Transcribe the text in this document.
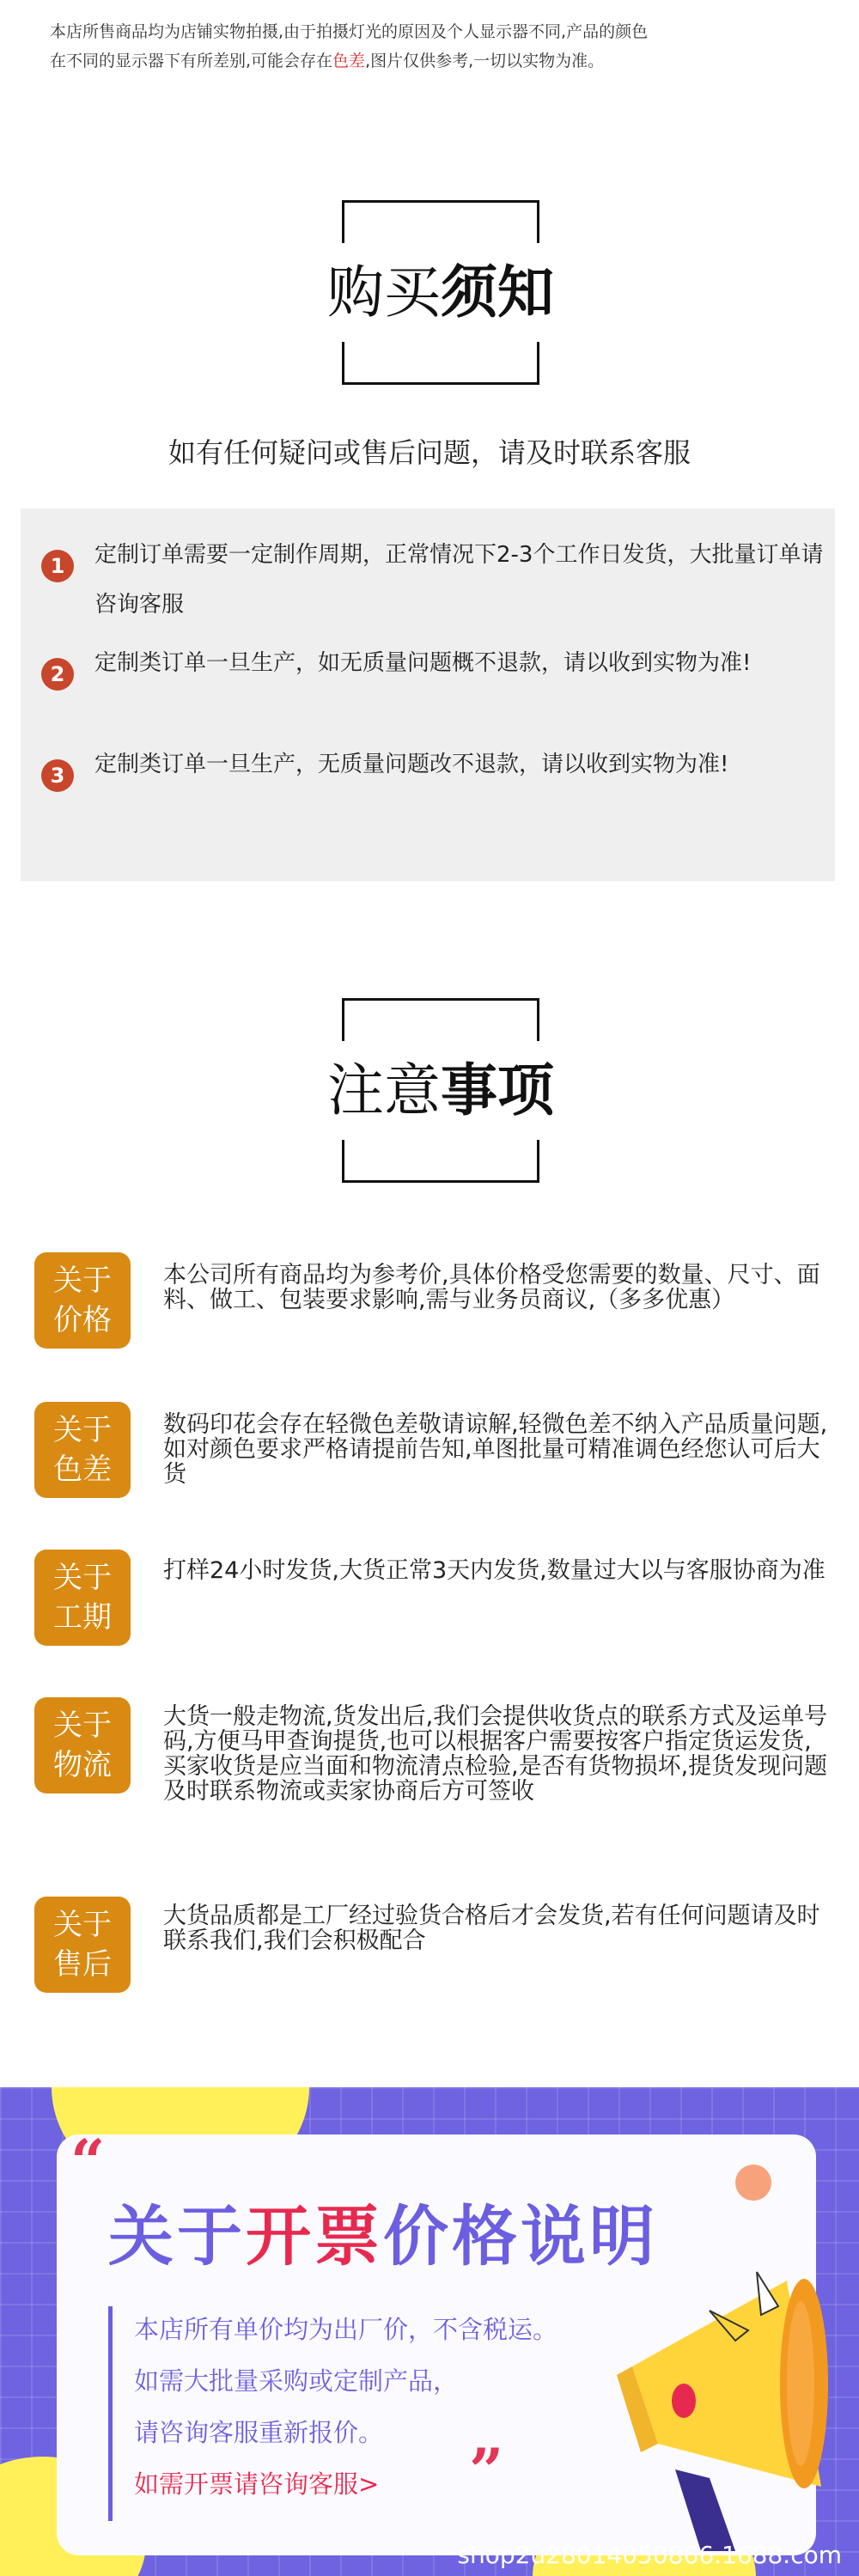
本店所售商品均为店铺实物拍摄,由于拍摄灯光的原因及个人显示器不同,产品的颜色
在不同的显示器下有所差别,可能会存在色差,图片仅供参考,一切以实物为准。
购买须知
如有任何疑问或售后问题，请及时联系客服
1	定制订单需要一定制作周期，正常情况下2-3个工作日发货，大批量订单请咨询客服
2	定制类订单一旦生产，如无质量问题概不退款，请以收到实物为准!
3	定制类订单一旦生产，无质量问题改不退款，请以收到实物为准!
注意事项
关于
价格
本公司所有商品均为参考价,具体价格受您需要的数量、尺寸、面料、做工、包装要求影响,需与业务员商议,（多多优惠）
关于
色差
数码印花会存在轻微色差敬请谅解,轻微色差不纳入产品质量问题,如对颜色要求严格请提前告知,单图批量可精准调色经您认可后大货
关于
工期
打样24小时发货,大货正常3天内发货,数量过大以与客服协商为准
关于
物流
大货一般走物流,货发出后,我们会提供收货点的联系方式及运单号码,方便马甲查询提货,也可以根据客户需要按客户指定货运发货,买家收货是应当面和物流清点检验,是否有货物损坏,提货发现问题及时联系物流或卖家协商后方可签收
关于
售后
大货品质都是工厂经过验货合格后才会发货,若有任何问题请及时联系我们,我们会积极配合
“
关于开票价格说明
本店所有单价均为出厂价，不含税运。
如需大批量采购或定制产品，
请咨询客服重新报价。
如需开票请咨询客服> ”
shop2u28014050866.1688.com
